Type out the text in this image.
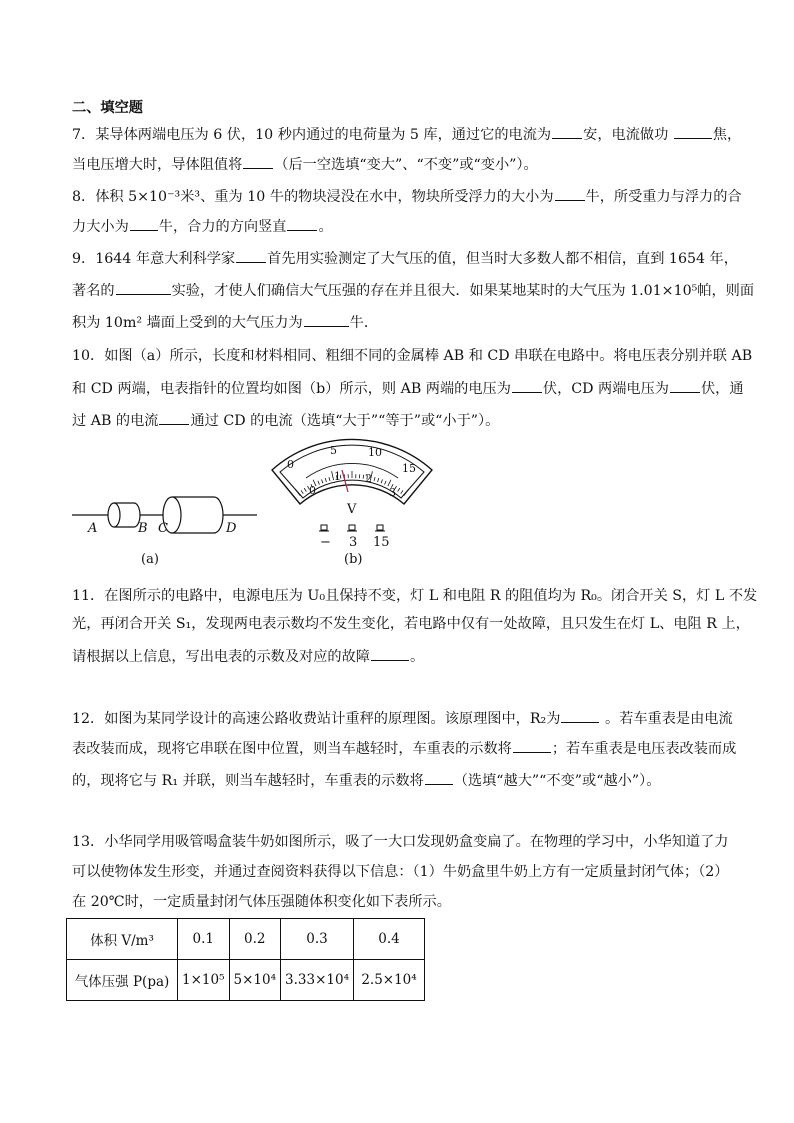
二、填空题
7．某导体两端电压为 6 伏，10 秒内通过的电荷量为 5 库，通过它的电流为 安，电流做功	焦，
当电压增大时，导体阻值将 （后一空选填“变大”、“不变”或“变小”）。
8．体积 5×10⁻³米³、重为 10 牛的物块浸没在水中，物块所受浮力的大小为 牛，所受重力与浮力的合
力大小为 牛，合力的方向竖直 。
9．1644 年意大利科学家 首先用实验测定了大气压的值，但当时大多数人都不相信，直到 1654 年，
著名的	实验，才使人们确信大气压强的存在并且很大．如果某地某时的大气压为 1.01×10⁵帕，则面
积为 10m² 墙面上受到的大气压力为	牛．
10．如图（a）所示，长度和材料相同、粗细不同的金属棒 AB 和 CD 串联在电路中。将电压表分别并联 AB
和 CD 两端，电表指针的位置均如图（b）所示，则 AB 两端的电压为 伏，CD 两端电压为 伏，通
过 AB 的电流 通过 CD 的电流（选填“大于”“等于”或“小于”）。
A	B C	D
(a)
0
5	10
15
0
1 2
3
V
− 3 15
(b)
11．在图所示的电路中，电源电压为 U₀且保持不变，灯 L 和电阻 R 的阻值均为 R₀。闭合开关 S，灯 L 不发
光，再闭合开关 S₁，发现两电表示数均不发生变化，若电路中仅有一处故障，且只发生在灯 L、电阻 R 上，
请根据以上信息，写出电表的示数及对应的故障	。
12．如图为某同学设计的高速公路收费站计重秤的原理图。该原理图中，R₂为	。若车重表是由电流
表改装而成，现将它串联在图中位置，则当车越轻时，车重表的示数将	；若车重表是电压表改装而成
的，现将它与 R₁ 并联，则当车越轻时，车重表的示数将 （选填“越大”“不变”或“越小”）。
13．小华同学用吸管喝盒装牛奶如图所示，吸了一大口发现奶盒变扁了。在物理的学习中，小华知道了力
可以使物体发生形变，并通过查阅资料获得以下信息：（1）牛奶盒里牛奶上方有一定质量封闭气体；（2）
在 20℃时，一定质量封闭气体压强随体积变化如下表所示。
体积 V/m³	0.1	0.2	0.3	0.4
气体压强 P(pa)	1×10⁵	5×10⁴	3.33×10⁴	2.5×10⁴
